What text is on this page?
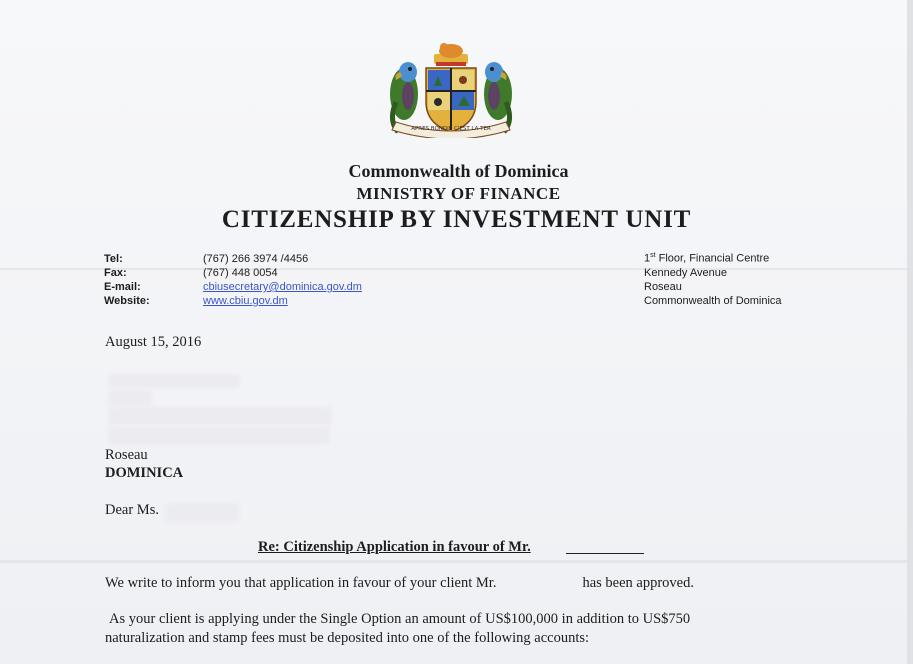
APRES BONDIE C'EST LA TER
Commonwealth of Dominica
MINISTRY OF FINANCE
CITIZENSHIP BY INVESTMENT UNIT
Tel:
Fax:
E-mail:
Website:
(767) 266 3974 /4456
(767) 448 0054
cbiusecretary@dominica.gov.dm
www.cbiu.gov.dm
1st Floor, Financial Centre
Kennedy Avenue
Roseau
Commonwealth of Dominica
August 15, 2016
Roseau
DOMINICA
Dear Ms.
Re: Citizenship Application in favour of Mr.
We write to inform you that application in favour of your client Mr.	has been approved.
As your client is applying under the Single Option an amount of US$100,000 in addition to US$750
naturalization and stamp fees must be deposited into one of the following accounts:
